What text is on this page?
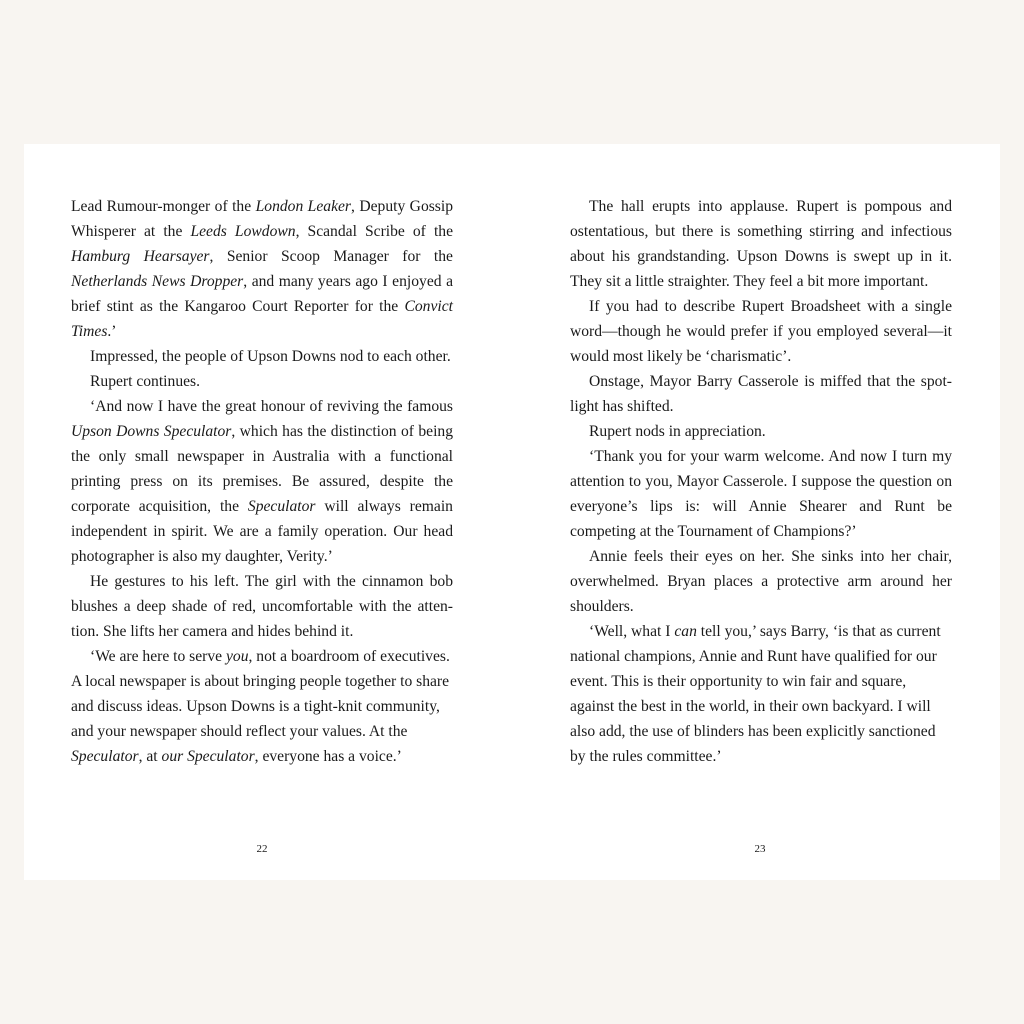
Lead Rumour-monger of the London Leaker, Deputy Gossip Whisperer at the Leeds Lowdown, Scandal Scribe of the Hamburg Hearsayer, Senior Scoop Manager for the Netherlands News Dropper, and many years ago I enjoyed a brief stint as the Kangaroo Court Reporter for the Convict Times.’

Impressed, the people of Upson Downs nod to each other.

Rupert continues.

‘And now I have the great honour of reviving the famous Upson Downs Speculator, which has the distinction of being the only small newspaper in Australia with a functional printing press on its premises. Be assured, despite the corporate acquisition, the Speculator will always remain independent in spirit. We are a family operation. Our head photographer is also my daughter, Verity.’

He gestures to his left. The girl with the cinnamon bob blushes a deep shade of red, uncomfortable with the attention. She lifts her camera and hides behind it.

‘We are here to serve you, not a boardroom of executives. A local newspaper is about bringing people together to share and discuss ideas. Upson Downs is a tight-knit community, and your newspaper should reflect your values. At the Speculator, at our Speculator, everyone has a voice.’

22

The hall erupts into applause. Rupert is pompous and ostentatious, but there is something stirring and infectious about his grandstanding. Upson Downs is swept up in it. They sit a little straighter. They feel a bit more important.

If you had to describe Rupert Broadsheet with a single word—though he would prefer if you employed several—it would most likely be ‘charismatic’.

Onstage, Mayor Barry Casserole is miffed that the spotlight has shifted.

Rupert nods in appreciation.

‘Thank you for your warm welcome. And now I turn my attention to you, Mayor Casserole. I suppose the question on everyone’s lips is: will Annie Shearer and Runt be competing at the Tournament of Champions?’

Annie feels their eyes on her. She sinks into her chair, overwhelmed. Bryan places a protective arm around her shoulders.

‘Well, what I can tell you,’ says Barry, ‘is that as current national champions, Annie and Runt have qualified for our event. This is their opportunity to win fair and square, against the best in the world, in their own backyard. I will also add, the use of blinders has been explicitly sanctioned by the rules committee.’

23
